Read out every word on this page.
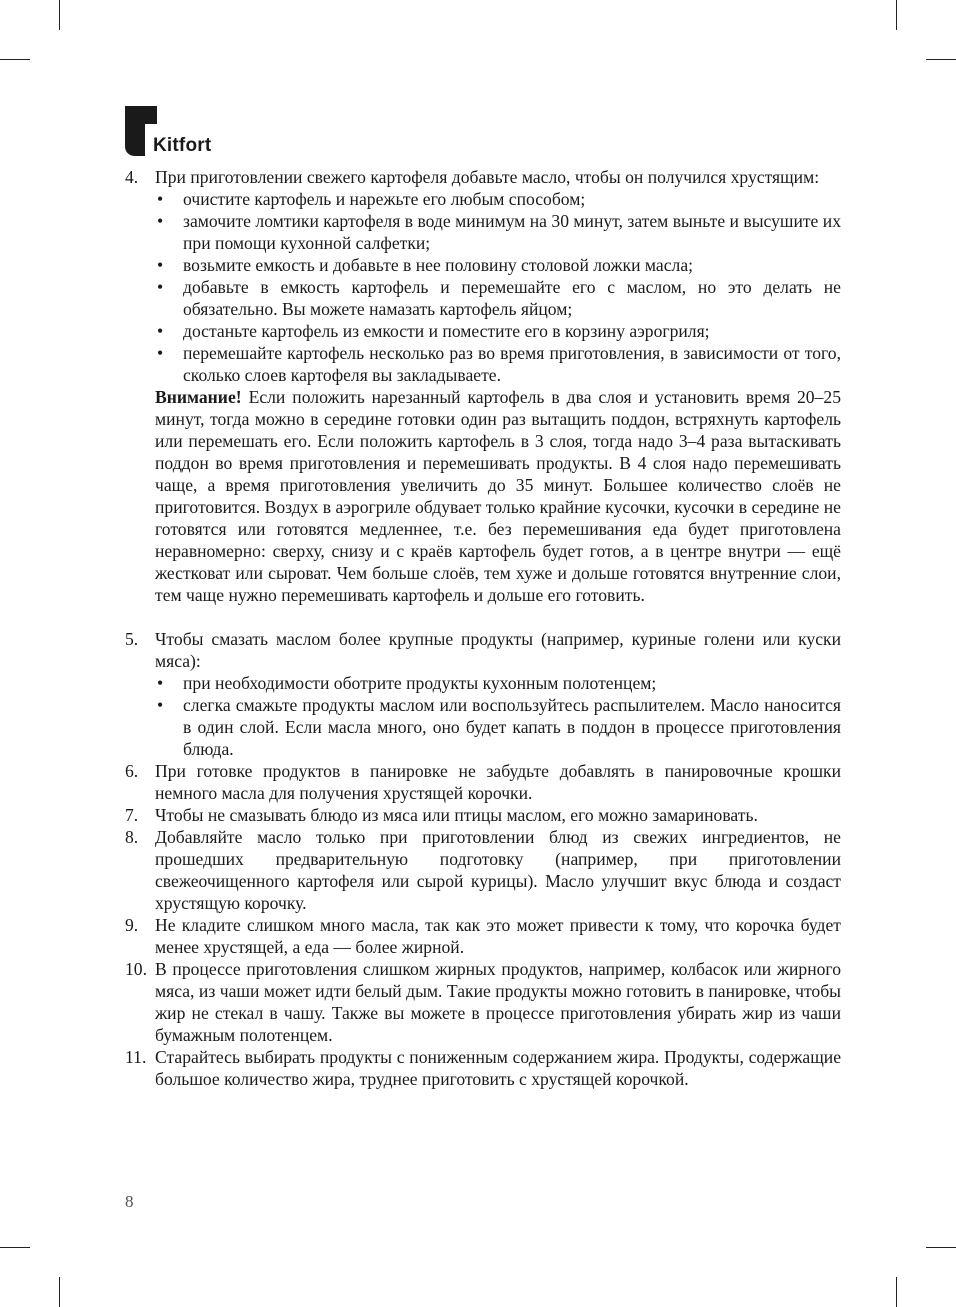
Kitfort
4. При приготовлении свежего картофеля добавьте масло, чтобы он получился хрустящим:
• очистите картофель и нарежьте его любым способом;
• замочите ломтики картофеля в воде минимум на 30 минут, затем выньте и высушите их при помощи кухонной салфетки;
• возьмите емкость и добавьте в нее половину столовой ложки масла;
• добавьте в емкость картофель и перемешайте его с маслом, но это делать не обязательно. Вы можете намазать картофель яйцом;
• достаньте картофель из емкости и поместите его в корзину аэрогриля;
• перемешайте картофель несколько раз во время приготовления, в зависимости от того, сколько слоев картофеля вы закладываете.
Внимание! Если положить нарезанный картофель в два слоя и установить время 20–25 минут, тогда можно в середине готовки один раз вытащить поддон, встряхнуть картофель или перемешать его. Если положить картофель в 3 слоя, тогда надо 3–4 раза вытаскивать поддон во время приготовления и перемешивать продукты. В 4 слоя надо перемешивать чаще, а время приготовления увеличить до 35 минут. Большее количество слоёв не приготовится. Воздух в аэрогриле обдувает только крайние кусочки, кусочки в середине не готовятся или готовятся медленнее, т.е. без перемешивания еда будет приготовлена неравномерно: сверху, снизу и с краёв картофель будет готов, а в центре внутри — ещё жестковат или сыроват. Чем больше слоёв, тем хуже и дольше готовятся внутренние слои, тем чаще нужно перемешивать картофель и дольше его готовить.
5. Чтобы смазать маслом более крупные продукты (например, куриные голени или куски мяса):
• при необходимости оботрите продукты кухонным полотенцем;
• слегка смажьте продукты маслом или воспользуйтесь распылителем. Масло наносится в один слой. Если масла много, оно будет капать в поддон в процессе приготовления блюда.
6. При готовке продуктов в панировке не забудьте добавлять в панировочные крошки немного масла для получения хрустящей корочки.
7. Чтобы не смазывать блюдо из мяса или птицы маслом, его можно замариновать.
8. Добавляйте масло только при приготовлении блюд из свежих ингредиентов, не прошедших предварительную подготовку (например, при приготовлении свежеочищенного картофеля или сырой курицы). Масло улучшит вкус блюда и создаст хрустящую корочку.
9. Не кладите слишком много масла, так как это может привести к тому, что корочка будет менее хрустящей, а еда — более жирной.
10. В процессе приготовления слишком жирных продуктов, например, колбасок или жирного мяса, из чаши может идти белый дым. Такие продукты можно готовить в панировке, чтобы жир не стекал в чашу. Также вы можете в процессе приготовления убирать жир из чаши бумажным полотенцем.
11. Старайтесь выбирать продукты с пониженным содержанием жира. Продукты, содержащие большое количество жира, труднее приготовить с хрустящей корочкой.
8
